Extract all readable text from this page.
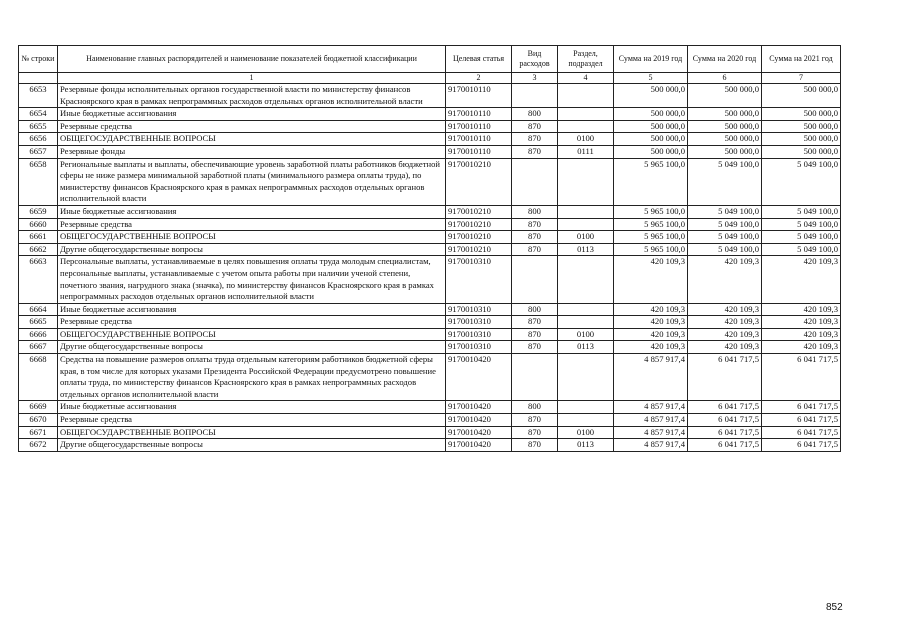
№ строки	Наименование главных распорядителей и наименование показателей бюджетной классификации	Целевая статья	Вид расходов	Раздел, подраздел	Сумма на 2019 год	Сумма на 2020 год	Сумма на 2021 год
	1	2	3	4	5	6	7
6653	Резервные фонды исполнительных органов государственной власти по министерству финансов Красноярского края в рамках непрограммных расходов отдельных органов исполнительной власти	9170010110			500 000,0	500 000,0	500 000,0
6654	Иные бюджетные ассигнования	9170010110	800		500 000,0	500 000,0	500 000,0
6655	Резервные средства	9170010110	870		500 000,0	500 000,0	500 000,0
6656	ОБЩЕГОСУДАРСТВЕННЫЕ ВОПРОСЫ	9170010110	870	0100	500 000,0	500 000,0	500 000,0
6657	Резервные фонды	9170010110	870	0111	500 000,0	500 000,0	500 000,0
6658	Региональные выплаты и выплаты, обеспечивающие уровень заработной платы работников бюджетной сферы не ниже размера минимальной заработной платы (минимального размера оплаты труда), по министерству финансов Красноярского края в рамках непрограммных расходов отдельных органов исполнительной власти	9170010210			5 965 100,0	5 049 100,0	5 049 100,0
6659	Иные бюджетные ассигнования	9170010210	800		5 965 100,0	5 049 100,0	5 049 100,0
6660	Резервные средства	9170010210	870		5 965 100,0	5 049 100,0	5 049 100,0
6661	ОБЩЕГОСУДАРСТВЕННЫЕ ВОПРОСЫ	9170010210	870	0100	5 965 100,0	5 049 100,0	5 049 100,0
6662	Другие общегосударственные вопросы	9170010210	870	0113	5 965 100,0	5 049 100,0	5 049 100,0
6663	Персональные выплаты, устанавливаемые в целях повышения оплаты труда молодым специалистам, персональные выплаты, устанавливаемые с учетом опыта работы при наличии ученой степени, почетного звания, нагрудного знака (значка), по министерству финансов Красноярского края в рамках непрограммных расходов отдельных органов исполнительной власти	9170010310			420 109,3	420 109,3	420 109,3
6664	Иные бюджетные ассигнования	9170010310	800		420 109,3	420 109,3	420 109,3
6665	Резервные средства	9170010310	870		420 109,3	420 109,3	420 109,3
6666	ОБЩЕГОСУДАРСТВЕННЫЕ ВОПРОСЫ	9170010310	870	0100	420 109,3	420 109,3	420 109,3
6667	Другие общегосударственные вопросы	9170010310	870	0113	420 109,3	420 109,3	420 109,3
6668	Средства на повышение размеров оплаты труда отдельным категориям работников бюджетной сферы края, в том числе для которых указами Президента Российской Федерации предусмотрено повышение оплаты труда, по министерству финансов Красноярского края в рамках непрограммных расходов отдельных органов исполнительной власти	9170010420			4 857 917,4	6 041 717,5	6 041 717,5
6669	Иные бюджетные ассигнования	9170010420	800		4 857 917,4	6 041 717,5	6 041 717,5
6670	Резервные средства	9170010420	870		4 857 917,4	6 041 717,5	6 041 717,5
6671	ОБЩЕГОСУДАРСТВЕННЫЕ ВОПРОСЫ	9170010420	870	0100	4 857 917,4	6 041 717,5	6 041 717,5
6672	Другие общегосударственные вопросы	9170010420	870	0113	4 857 917,4	6 041 717,5	6 041 717,5
852
